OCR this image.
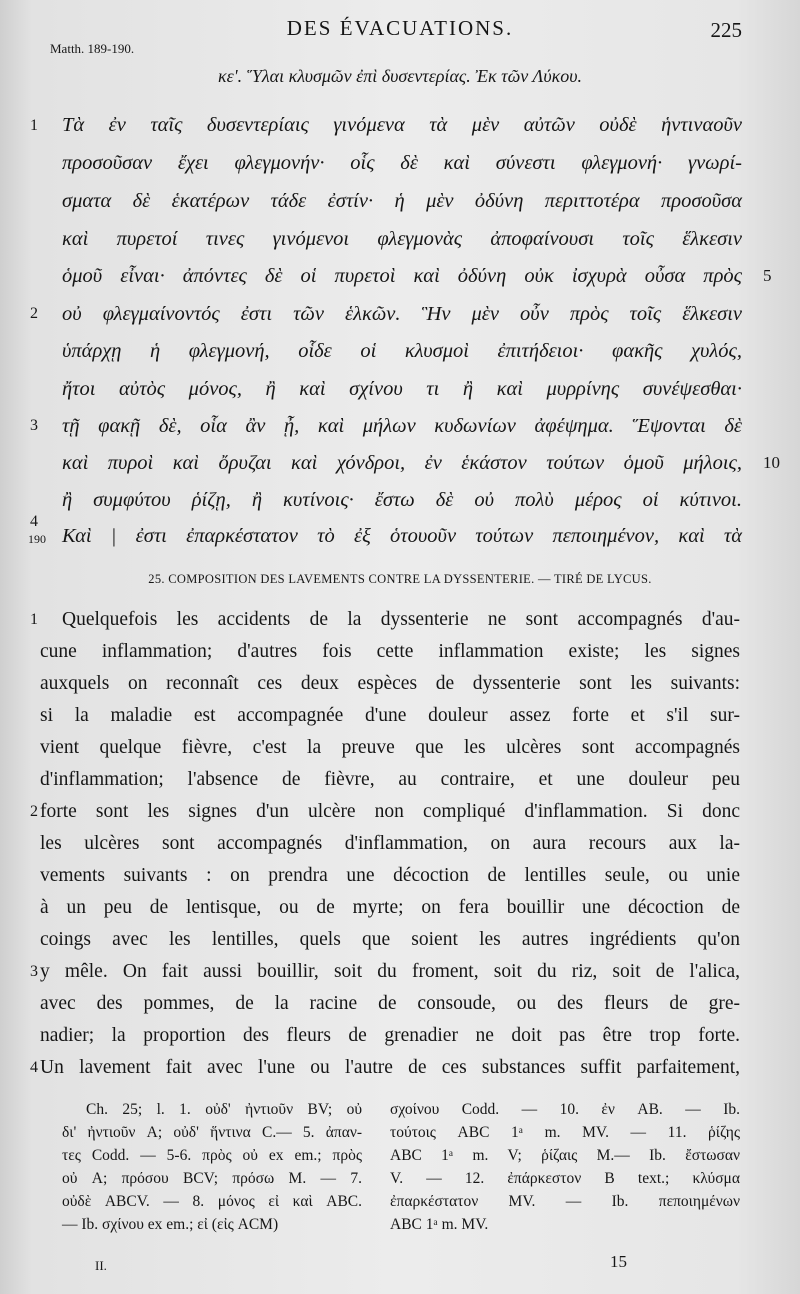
DES ÉVACUATIONS.	225
Matth. 189-190.
κε'. Ὕλαι κλυσμῶν ἐπὶ δυσεντερίας. Ἐκ τῶν Λύκου.
Τὰ ἐν ταῖς δυσεντερίαις γινόμενα τὰ μὲν αὐτῶν οὐδὲ ἡντιναοῦν
προσοῦσαν ἔχει φλεγμονήν· οἷς δὲ καὶ σύνεστι φλεγμονή· γνωρί-
σματα δὲ ἑκατέρων τάδε ἐστίν· ἡ μὲν ὀδύνη περιττοτέρα προσοῦσα
καὶ πυρετοί τινες γινόμενοι φλεγμονὰς ἀποφαίνουσι τοῖς ἕλκεσιν
ὁμοῦ εἶναι· ἀπόντες δὲ οἱ πυρετοὶ καὶ ὀδύνη οὐκ ἰσχυρὰ οὖσα πρὸς
οὐ φλεγμαίνοντός ἐστι τῶν ἑλκῶν. Ἣν μὲν οὖν πρὸς τοῖς ἕλκεσιν
ὑπάρχῃ ἡ φλεγμονή, οἷδε οἱ κλυσμοὶ ἐπιτήδειοι· φακῆς χυλός,
ἤτοι αὐτὸς μόνος, ἢ καὶ σχίνου τι ἢ καὶ μυρρίνης συνέψεσθαι·
τῇ φακῇ δὲ, οἷα ἂν ᾖ, καὶ μήλων κυδωνίων ἀφέψημα. Ἕψονται δὲ
καὶ πυροὶ καὶ ὄρυζαι καὶ χόνδροι, ἐν ἑκάστον τούτων ὁμοῦ μήλοις,
ἢ συμφύτου ῥίζῃ, ἢ κυτίνοις· ἔστω δὲ οὐ πολὺ μέρος οἱ κύτινοι.
Καὶ | ἐστι ἐπαρκέστατον τὸ ἐξ ὁτουοῦν τούτων πεποιημένον, καὶ τὰ
1
2
3
4
190
5
10
25. COMPOSITION DES LAVEMENTS CONTRE LA DYSSENTERIE. — TIRÉ DE LYCUS.
Quelquefois les accidents de la dyssenterie ne sont accompagnés d'au-
cune inflammation; d'autres fois cette inflammation existe; les signes
auxquels on reconnaît ces deux espèces de dyssenterie sont les suivants:
si la maladie est accompagnée d'une douleur assez forte et s'il sur-
vient quelque fièvre, c'est la preuve que les ulcères sont accompagnés
d'inflammation; l'absence de fièvre, au contraire, et une douleur peu
forte sont les signes d'un ulcère non compliqué d'inflammation. Si donc
les ulcères sont accompagnés d'inflammation, on aura recours aux la-
vements suivants : on prendra une décoction de lentilles seule, ou unie
à un peu de lentisque, ou de myrte; on fera bouillir une décoction de
coings avec les lentilles, quels que soient les autres ingrédients qu'on
y mêle. On fait aussi bouillir, soit du froment, soit du riz, soit de l'alica,
avec des pommes, de la racine de consoude, ou des fleurs de gre-
nadier; la proportion des fleurs de grenadier ne doit pas être trop forte.
Un lavement fait avec l'une ou l'autre de ces substances suffit parfaitement,
1
2
3
4
Ch. 25; l. 1. οὐδ' ἠντιοῦν BV; οὐ
δι' ἠντιοῦν A; οὐδ' ἥντινα C.— 5. ἀπαν-
τες Codd. — 5-6. πρὸς οὐ ex em.; πρὸς
οὐ A; πρόσου BCV; πρόσω M. — 7.
οὐδὲ ABCV. — 8. μόνος εἰ καὶ ABC.
— Ib. σχίνου ex em.; εἰ (εἰς ACM)
σχοίνου Codd. — 10. ἐν AB. — Ib.
τούτοις ABC 1ᵃ m. MV. — 11. ῥίζης
ABC 1ᵃ m. V; ῥίζαις M.— Ib. ἔστωσαν
V. — 12. ἐπάρκεστον B text.; κλύσμα
ἐπαρκέστατον MV. — Ib. πεποιημένων
ABC 1ᵃ m. MV.
II.	15
